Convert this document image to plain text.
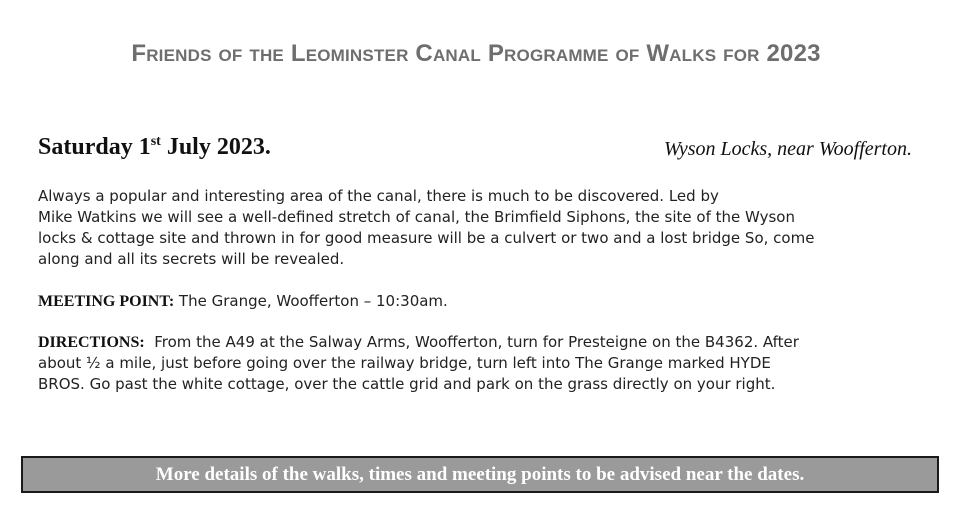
Friends of the Leominster Canal Programme of Walks for 2023
Saturday 1st July 2023.	Wyson Locks, near Woofferton.
Always a popular and interesting area of the canal, there is much to be discovered. Led by
Mike Watkins we will see a well-defined stretch of canal, the Brimfield Siphons, the site of the Wyson
locks & cottage site and thrown in for good measure will be a culvert or two and a lost bridge So, come
along and all its secrets will be revealed.
MEETING POINT: The Grange, Woofferton – 10:30am.
DIRECTIONS:  From the A49 at the Salway Arms, Woofferton, turn for Presteigne on the B4362. After
about ½ a mile, just before going over the railway bridge, turn left into The Grange marked HYDE
BROS. Go past the white cottage, over the cattle grid and park on the grass directly on your right.
More details of the walks, times and meeting points to be advised near the dates.
